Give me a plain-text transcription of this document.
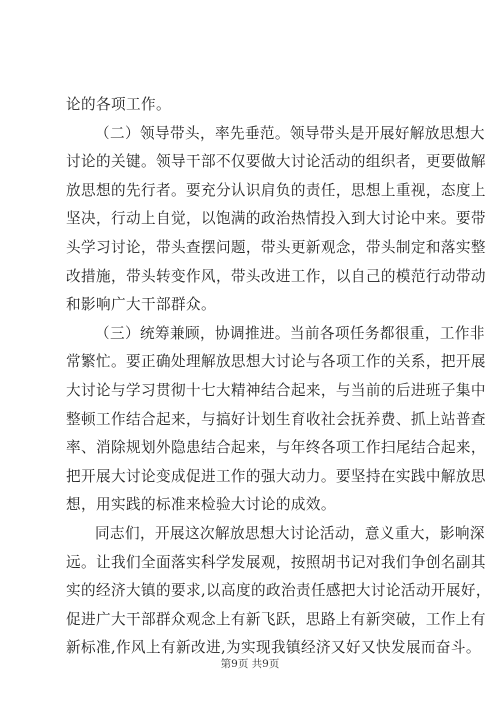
论的各项工作。
（二）领导带头，率先垂范。领导带头是开展好解放思想大
讨论的关键。领导干部不仅要做大讨论活动的组织者，更要做解
放思想的先行者。要充分认识肩负的责任，思想上重视，态度上
坚决，行动上自觉，以饱满的政治热情投入到大讨论中来。要带
头学习讨论，带头查摆问题，带头更新观念，带头制定和落实整
改措施，带头转变作风，带头改进工作，以自己的模范行动带动
和影响广大干部群众。
（三）统筹兼顾，协调推进。当前各项任务都很重，工作非
常繁忙。要正确处理解放思想大讨论与各项工作的关系，把开展
大讨论与学习贯彻十七大精神结合起来，与当前的后进班子集中
整顿工作结合起来，与搞好计划生育收社会抚养费、抓上站普查
率、消除规划外隐患结合起来，与年终各项工作扫尾结合起来，
把开展大讨论变成促进工作的强大动力。要坚持在实践中解放思
想，用实践的标准来检验大讨论的成效。
同志们，开展这次解放思想大讨论活动，意义重大，影响深
远。让我们全面落实科学发展观，按照胡书记对我们争创名副其
实的经济大镇的要求,以高度的政治责任感把大讨论活动开展好，
促进广大干部群众观念上有新飞跃，思路上有新突破，工作上有
新标准,作风上有新改进,为实现我镇经济又好又快发展而奋斗。
第9页 共9页
